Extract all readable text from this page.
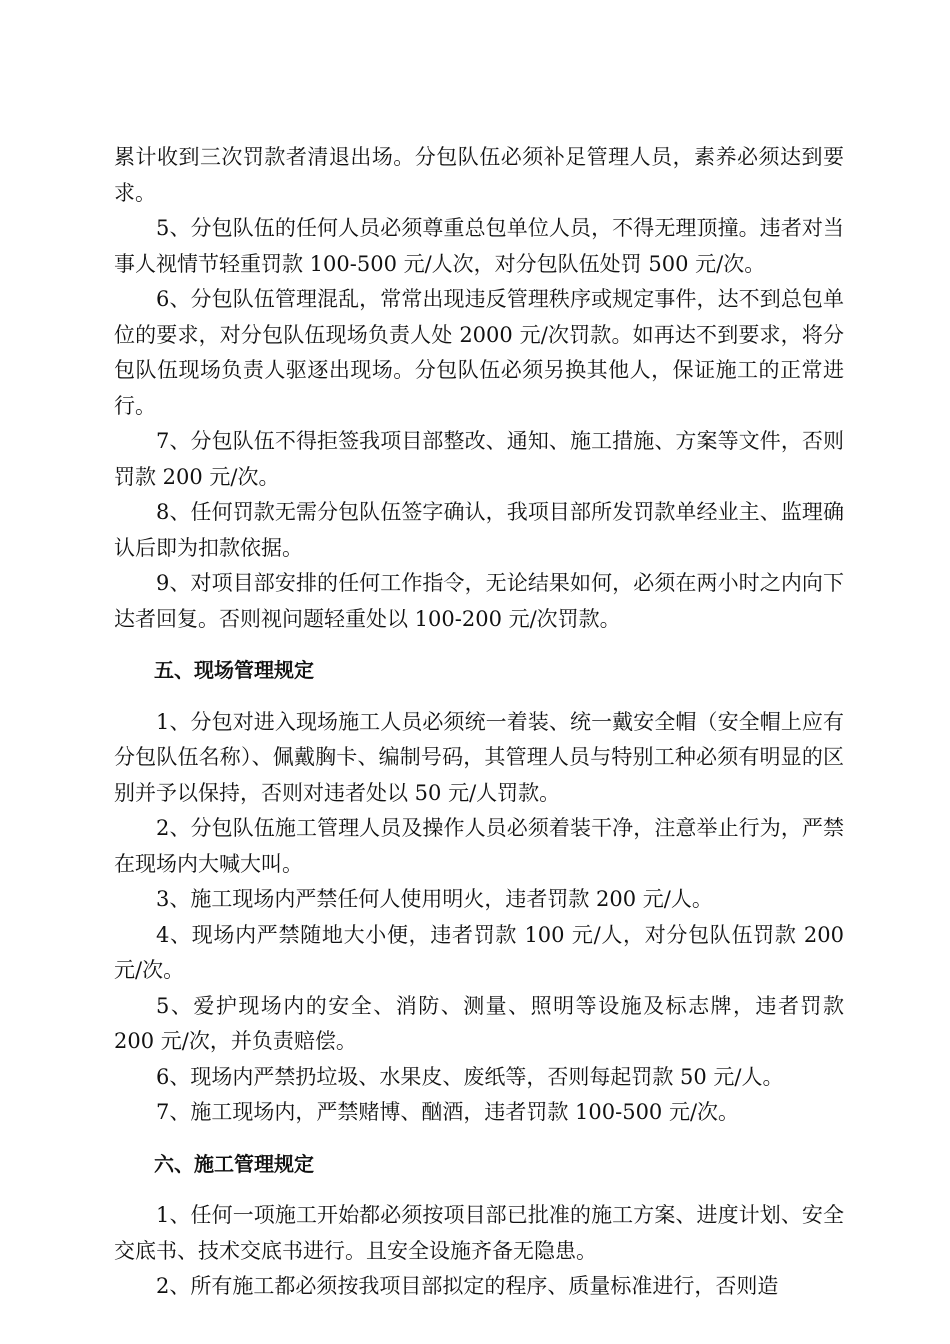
累计收到三次罚款者清退出场。分包队伍必须补足管理人员，素养必须达到要求。

5、分包队伍的任何人员必须尊重总包单位人员，不得无理顶撞。违者对当事人视情节轻重罚款 100-500 元/人次，对分包队伍处罚 500 元/次。

6、分包队伍管理混乱，常常出现违反管理秩序或规定事件，达不到总包单位的要求，对分包队伍现场负责人处 2000 元/次罚款。如再达不到要求，将分包队伍现场负责人驱逐出现场。分包队伍必须另换其他人，保证施工的正常进行。

7、分包队伍不得拒签我项目部整改、通知、施工措施、方案等文件，否则罚款 200 元/次。

8、任何罚款无需分包队伍签字确认，我项目部所发罚款单经业主、监理确认后即为扣款依据。

9、对项目部安排的任何工作指令，无论结果如何，必须在两小时之内向下达者回复。否则视问题轻重处以 100-200 元/次罚款。

五、现场管理规定

1、分包对进入现场施工人员必须统一着装、统一戴安全帽（安全帽上应有分包队伍名称）、佩戴胸卡、编制号码，其管理人员与特别工种必须有明显的区别并予以保持，否则对违者处以 50 元/人罚款。

2、分包队伍施工管理人员及操作人员必须着装干净，注意举止行为，严禁在现场内大喊大叫。

3、施工现场内严禁任何人使用明火，违者罚款 200 元/人。

4、现场内严禁随地大小便，违者罚款 100 元/人，对分包队伍罚款 200 元/次。

5、爱护现场内的安全、消防、测量、照明等设施及标志牌，违者罚款 200 元/次，并负责赔偿。

6、现场内严禁扔垃圾、水果皮、废纸等，否则每起罚款 50 元/人。

7、施工现场内，严禁赌博、酗酒，违者罚款 100-500 元/次。

六、施工管理规定

1、任何一项施工开始都必须按项目部已批准的施工方案、进度计划、安全交底书、技术交底书进行。且安全设施齐备无隐患。

2、所有施工都必须按我项目部拟定的程序、质量标准进行，否则造
